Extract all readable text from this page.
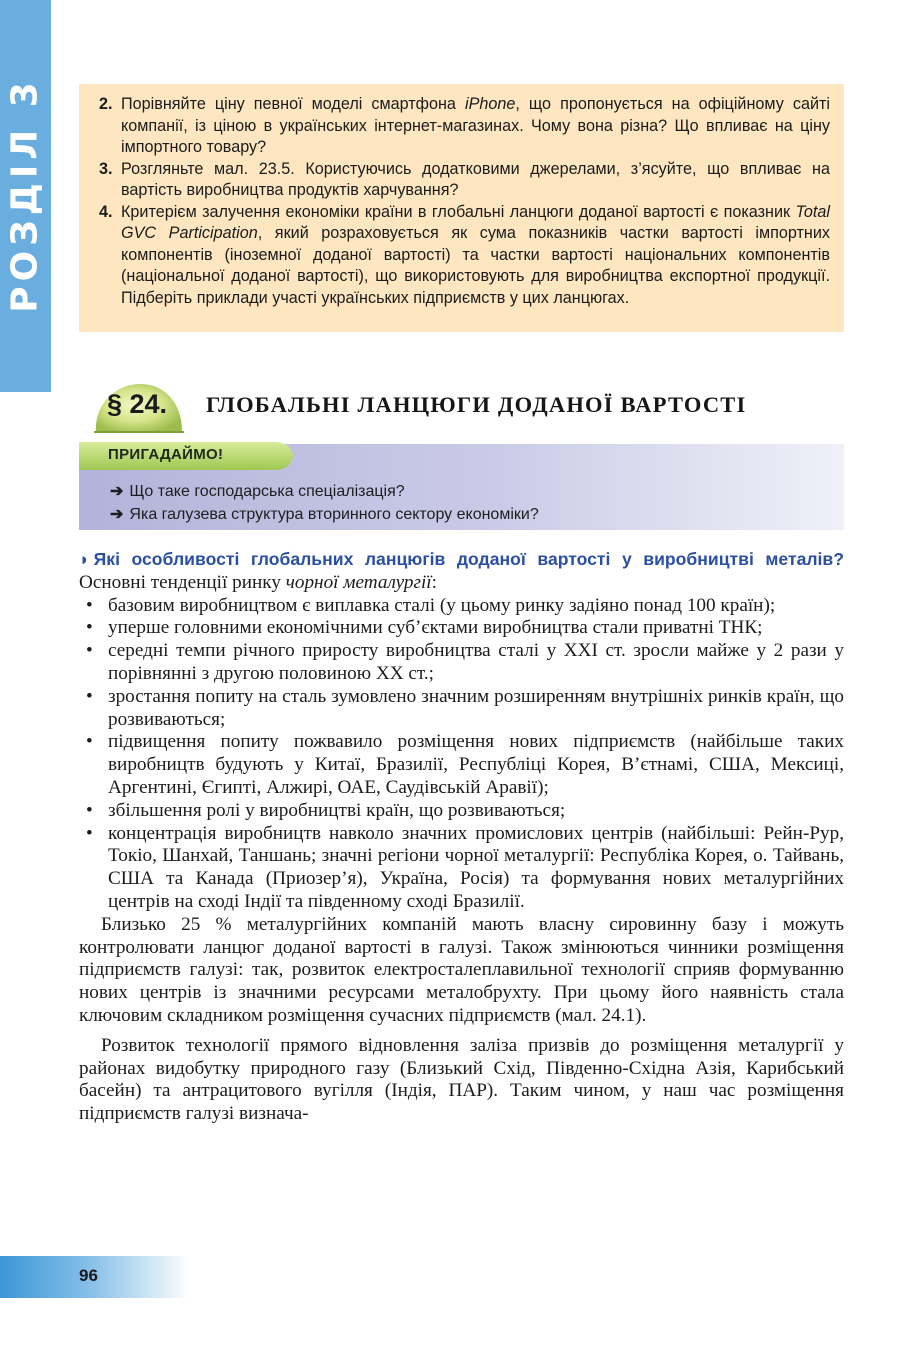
РОЗДІЛ 3	2. Порівняйте ціну певної моделі смартфона iPhone, що пропонується на офіційному сайті компанії, із ціною в українських інтернет-магазинах. Чому вона різна? Що впливає на ціну імпортного товару?
3. Розгляньте мал. 23.5. Користуючись додатковими джерелами, з’ясуйте, що впливає на вартість виробництва продуктів харчування?
4. Критерієм залучення економіки країни в глобальні ланцюги доданої вартості є показник Total GVC Participation, який розраховується як сума показників частки вартості імпортних компонентів (іноземної доданої вартості) та частки вартості національних компонентів (національної доданої вартості), що використовують для виробництва експортної продукції. Підберіть приклади участі українських підприємств у цих ланцюгах.
§ 24.	ГЛОБАЛЬНІ ЛАНЦЮГИ ДОДАНОЇ ВАРТОСТІ
ПРИГАДАЙМО!
➔ Що таке господарська спеціалізація?
➔ Яка галузева структура вторинного сектору економіки?
◗ Які особливості глобальних ланцюгів доданої вартості у виробництві металів? Основні тенденції ринку чорної металургії:
• базовим виробництвом є виплавка сталі (у цьому ринку задіяно понад 100 країн);
• уперше головними економічними суб’єктами виробництва стали приватні ТНК;
• середні темпи річного приросту виробництва сталі у XXI ст. зросли майже у 2 рази у порівнянні з другою половиною XX ст.;
• зростання попиту на сталь зумовлено значним розширенням внутрішніх ринків країн, що розвиваються;
• підвищення попиту пожвавило розміщення нових підприємств (найбільше таких виробництв будують у Китаї, Бразилії, Республіці Корея, В’єтнамі, США, Мексиці, Аргентині, Єгипті, Алжирі, ОАЕ, Саудівській Аравії);
• збільшення ролі у виробництві країн, що розвиваються;
• концентрація виробництв навколо значних промислових центрів (найбільші: Рейн-Рур, Токіо, Шанхай, Таншань; значні регіони чорної металургії: Республіка Корея, о. Тайвань, США та Канада (Приозер’я), Україна, Росія) та формування нових металургійних центрів на сході Індії та південному сході Бразилії.

Близько 25 % металургійних компаній мають власну сировинну базу і можуть контролювати ланцюг доданої вартості в галузі. Також змінюються чинники розміщення підприємств галузі: так, розвиток електросталеплавильної технології сприяв формуванню нових центрів із значними ресурсами металобрухту. При цьому його наявність стала ключовим складником розміщення сучасних підприємств (мал. 24.1).

Розвиток технології прямого відновлення заліза призвів до розміщення металургії у районах видобутку природного газу (Близький Схід, Південно-Східна Азія, Карибський басейн) та антрацитового вугілля (Індія, ПАР). Таким чином, у наш час розміщення підприємств галузі визнача-

96
